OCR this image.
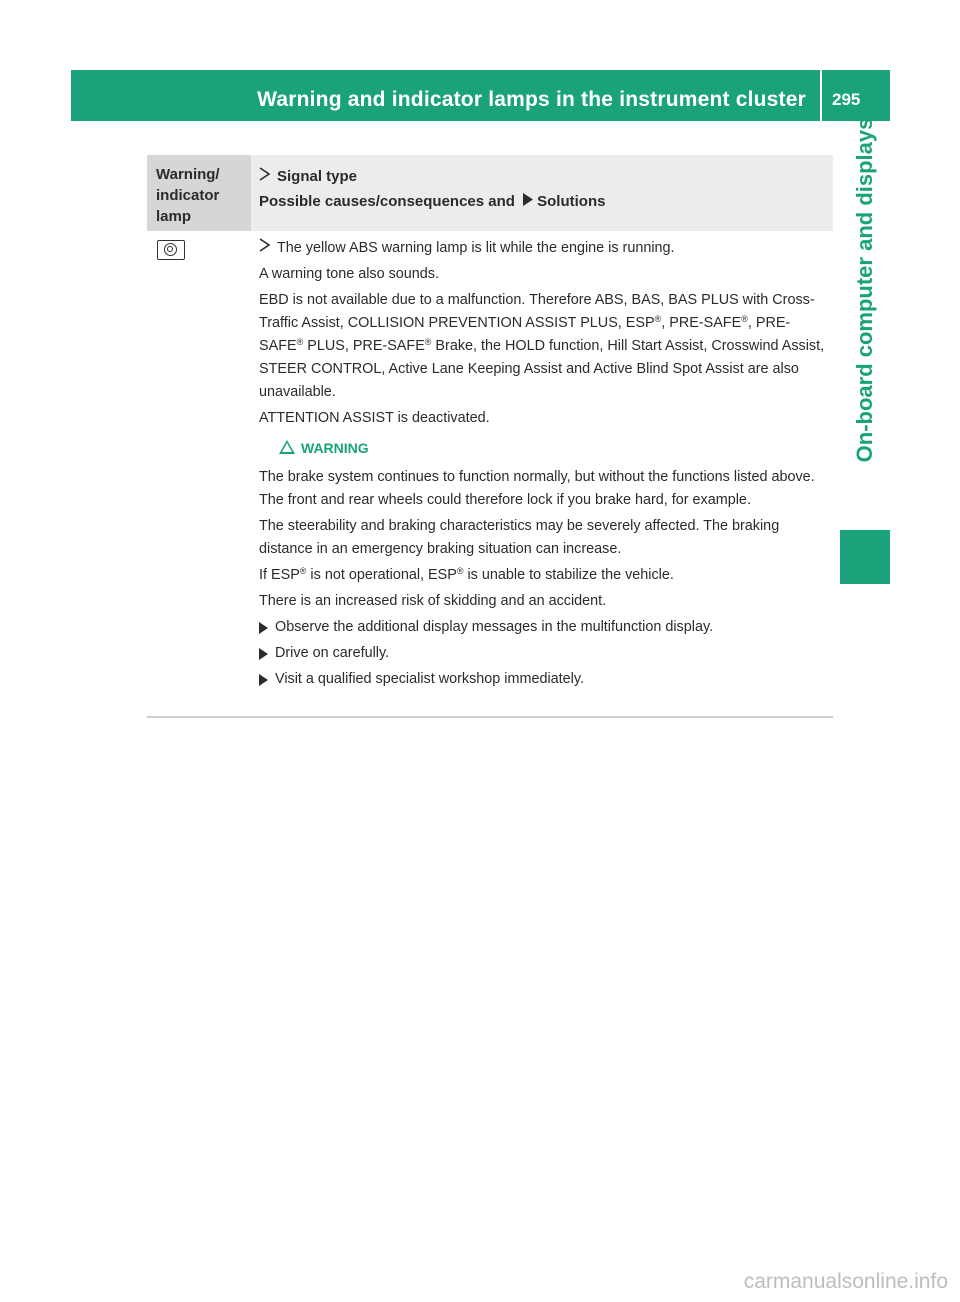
Warning and indicator lamps in the instrument cluster	295
On-board computer and displays
Warning/ indicator lamp
Signal type
Possible causes/consequences and Solutions

The yellow ABS warning lamp is lit while the engine is running.

A warning tone also sounds.

EBD is not available due to a malfunction. Therefore ABS, BAS, BAS PLUS with Cross-Traffic Assist, COLLISION PREVENTION ASSIST PLUS, ESP®, PRE-SAFE®, PRE-SAFE® PLUS, PRE-SAFE® Brake, the HOLD function, Hill Start Assist, Crosswind Assist, STEER CONTROL, Active Lane Keeping Assist and Active Blind Spot Assist are also unavailable.

ATTENTION ASSIST is deactivated.

WARNING

The brake system continues to function normally, but without the functions listed above. The front and rear wheels could therefore lock if you brake hard, for example.

The steerability and braking characteristics may be severely affected. The braking distance in an emergency braking situation can increase.

If ESP® is not operational, ESP® is unable to stabilize the vehicle.

There is an increased risk of skidding and an accident.

Observe the additional display messages in the multifunction display.

Drive on carefully.

Visit a qualified specialist workshop immediately.

carmanualsonline.info
